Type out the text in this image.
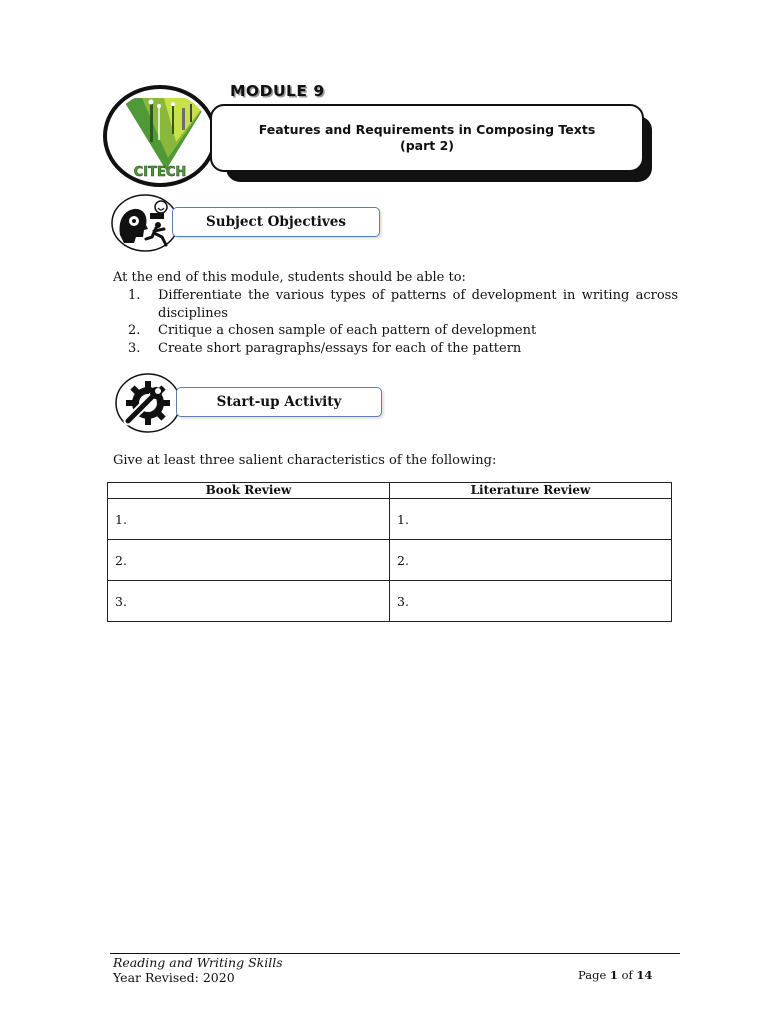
CITECH
MODULE 9
Features and Requirements in Composing Texts
(part 2)
Subject Objectives
At the end of this module, students should be able to:
1.	Differentiate the various types of patterns of development in writing across disciplines
2.	Critique a chosen sample of each pattern of development
3.	Create short paragraphs/essays for each of the pattern
Start-up Activity
Give at least three salient characteristics of the following:
Book Review	Literature Review
1.	1.
2.	2.
3.	3.
Reading and Writing Skills
Year Revised: 2020	Page 1 of 14
